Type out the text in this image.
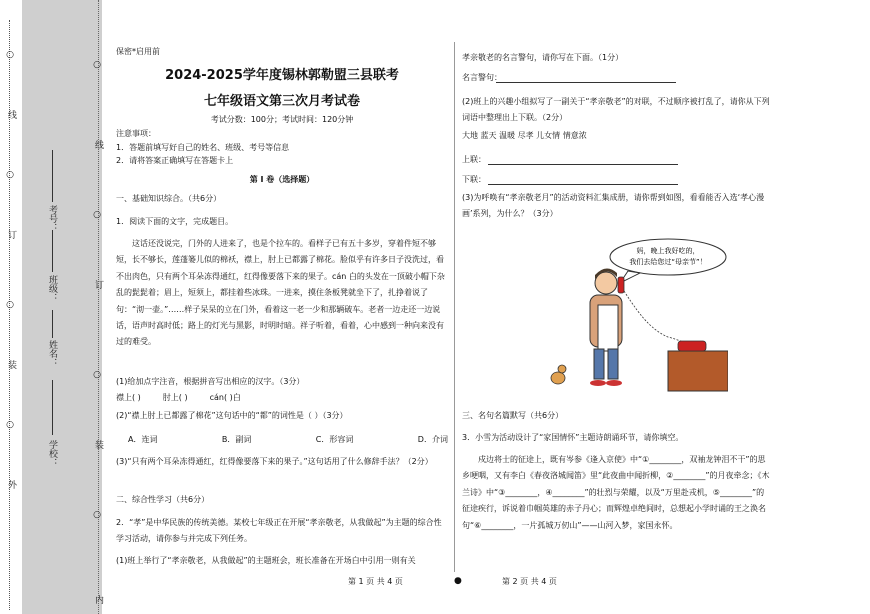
外
○
装
○
订
○
线
○
学校：
姓名：
班级：
考号：
内
○
装
○
订
○
线
○
保密*启用前
2024-2025学年度锡林郭勒盟三县联考
七年级语文第三次月考试卷
考试分数：100分；考试时间：120分钟
注意事项：
1．答题前填写好自己的姓名、班级、考号等信息
2．请将答案正确填写在答题卡上
第 I 卷（选择题）
一、基础知识综合。（共6分）
1．阅读下面的文字，完成题目。

这话还没说完，门外的人进来了，也是个拉车的。看样子已有五十多岁，穿着件短不够短，长不够长，莲蓬篓儿似的棉袄，襟上，肘上已都露了棉花。脸似乎有许多日子没洗过，看不出肉色，只有两个耳朵冻得通红，红得像要落下来的果子。cán 白的头发在一顶破小帽下杂乱的髭髭着；眉上，短须上，都挂着些冰珠。一进来，摸住条板凳就坐下了，扎挣着说了句：“沏一壶。”……样子呆呆的立在门外，看着这一老一少和那辆破车。老者一边走还一边说话，语声时高时低；路上的灯光与黑影，时明时暗。祥子听着，看着，心中感到一种向来没有过的难受。

(1)给加点字注音，根据拼音写出相应的汉字。（3分）
襟上( )	肘上( )	cán( )白
(2)“襟上肘上已都露了棉花”这句话中的“都”的词性是（ ）（3分）
A．连词	B．副词	C．形容词	D．介词
(3)“只有两个耳朵冻得通红，红得像要落下来的果子。”这句话用了什么修辞手法？（2分）
二、综合性学习（共6分）
2．“孝”是中华民族的传统美德。某校七年级正在开展“孝亲敬老，从我做起”为主题的综合性学习活动，请你参与并完成下列任务。
(1)班上举行了“孝亲敬老，从我做起”的主题班会，班长准备在开场白中引用一则有关
孝亲敬老的名言警句，请你写在下面。（1分）
名言警句：
(2)班上的兴趣小组拟写了一副关于“孝亲敬老”的对联，不过顺序被打乱了，请你从下列词语中整理出上下联。（2分）
大地 蓝天 温暖 尽孝 儿女情 情意浓
上联：
下联：
(3)为呼唤有“孝亲敬老月”的活动资料汇集成册，请你帮到如图，看看能否入选‘孝心漫画’系列，为什么？（3分）
三、名句名篇默写（共6分）
3．小雪为活动设计了“家国情怀”主题诗朗诵环节，请你填空。

戍边将士的征途上，既有岑参《逢入京使》中“①________，双袖龙钟泪不干”的思乡哽咽，又有李白《春夜洛城闻笛》里“此夜曲中闻折柳，②________”的月夜牵念；《木兰诗》中“③________，④________”的壮烈与荣耀，以及“万里赴戎机，⑤________”的征途疾行，诉说着巾帼英雄的赤子丹心；而辉煌卓绝间时，总想起小学时诵的王之涣名句“⑥________，一片孤城万仞山”——山河入梦，家国永怀。

妈，晚上我好吃的，
我们去给您过“母亲节”！
第 1 页 共 4 页	●	第 2 页 共 4 页
